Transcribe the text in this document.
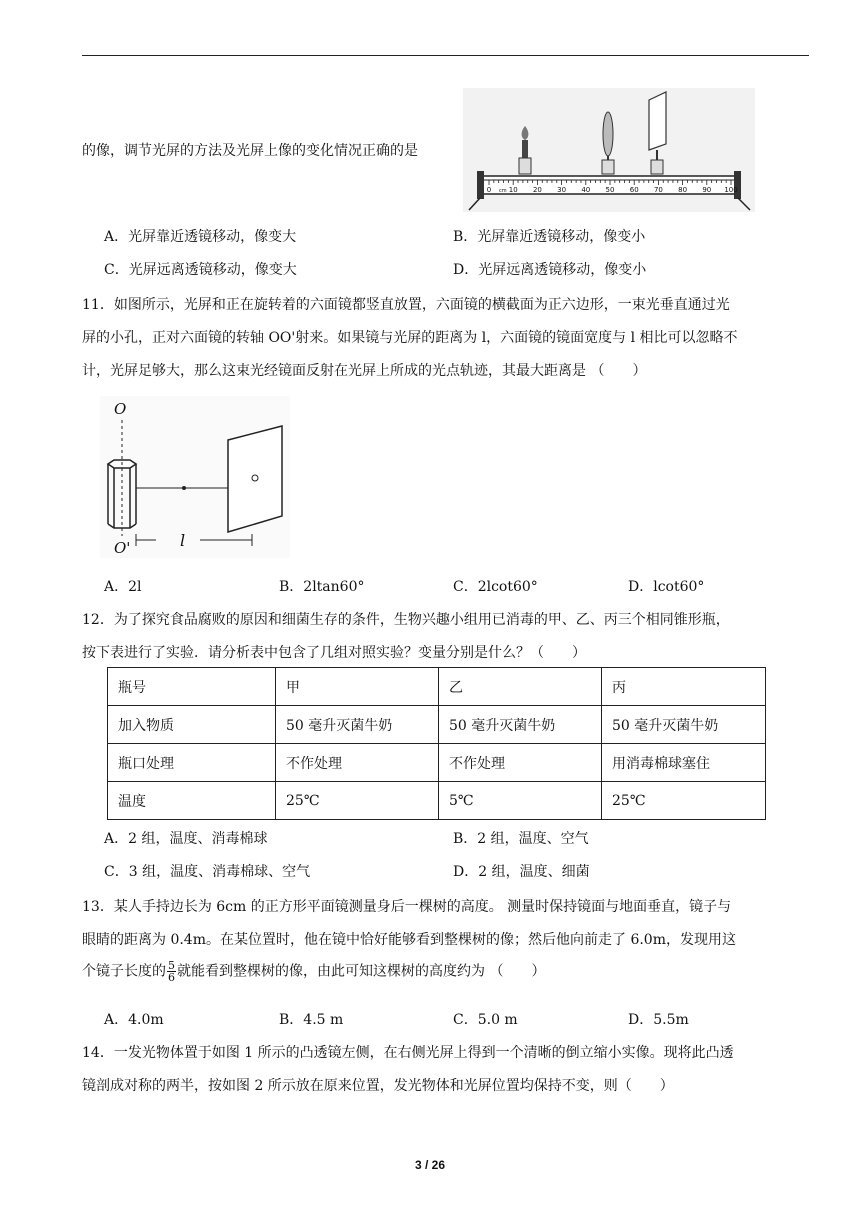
的像，调节光屏的方法及光屏上像的变化情况正确的是
0	10 20 30 40 50 60 70 80 90 100
cm
A．光屏靠近透镜移动，像变大	B．光屏靠近透镜移动，像变小
C．光屏远离透镜移动，像变大	D．光屏远离透镜移动，像变小
11．如图所示，光屏和正在旋转着的六面镜都竖直放置，六面镜的横截面为正六边形，一束光垂直通过光
屏的小孔，正对六面镜的转轴 OO'射来。如果镜与光屏的距离为 l，六面镜的镜面宽度与 l 相比可以忽略不
计，光屏足够大，那么这束光经镜面反射在光屏上所成的光点轨迹，其最大距离是 （　　）
O
O'	l
A．2l	B．2ltan60°	C．2lcot60°	D．lcot60°
12．为了探究食品腐败的原因和细菌生存的条件，生物兴趣小组用已消毒的甲、乙、丙三个相同锥形瓶，
按下表进行了实验．请分析表中包含了几组对照实验？变量分别是什么？（　　）
瓶号	甲	乙	丙
加入物质	50 毫升灭菌牛奶	50 毫升灭菌牛奶	50 毫升灭菌牛奶
瓶口处理	不作处理	不作处理	用消毒棉球塞住
温度	25℃	5℃	25℃
A．2 组，温度、消毒棉球	B．2 组，温度、空气
C．3 组，温度、消毒棉球、空气	D．2 组，温度、细菌
13．某人手持边长为 6cm 的正方形平面镜测量身后一棵树的高度。 测量时保持镜面与地面垂直，镜子与
眼睛的距离为 0.4m。在某位置时，他在镜中恰好能够看到整棵树的像；然后他向前走了 6.0m，发现用这
个镜子长度的 $\frac{5}{6}$ 就能看到整棵树的像，由此可知这棵树的高度约为 （　　）
A．4.0m	B．4.5 m	C．5.0 m	D．5.5m
14．一发光物体置于如图 1 所示的凸透镜左侧，在右侧光屏上得到一个清晰的倒立缩小实像。现将此凸透
镜剖成对称的两半，按如图 2 所示放在原来位置，发光物体和光屏位置均保持不变，则（　　）
3 / 26
